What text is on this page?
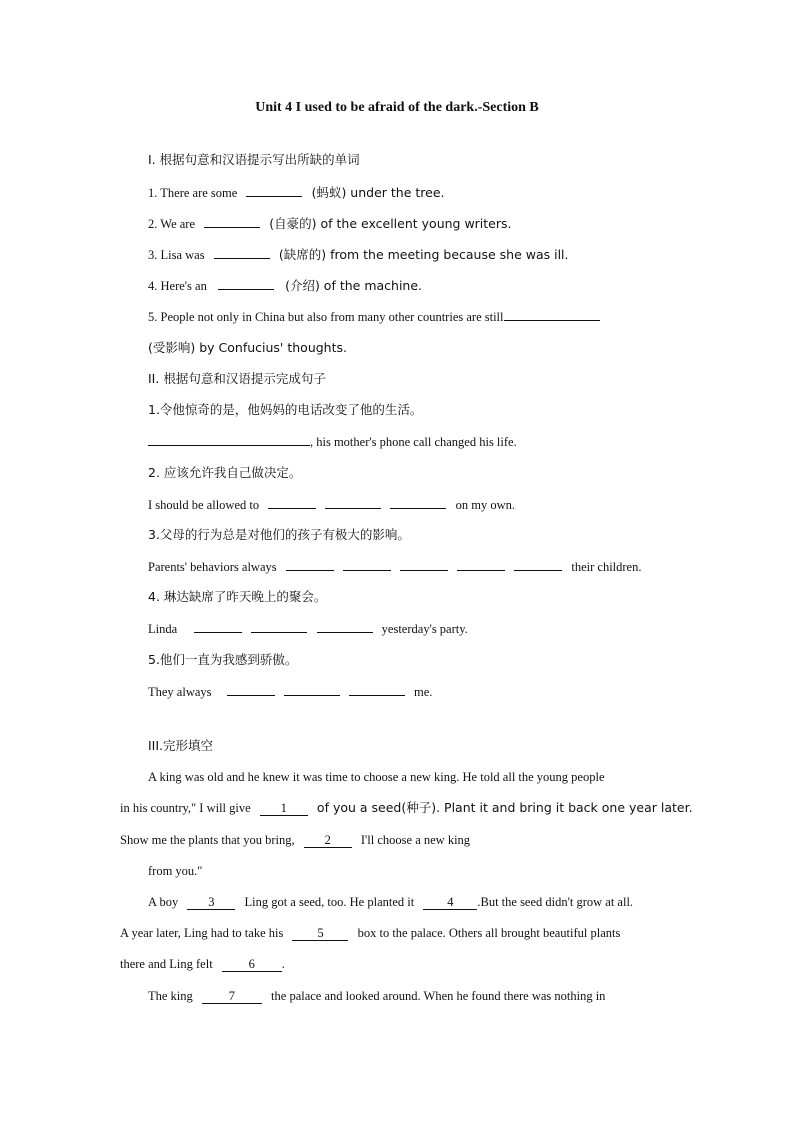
Unit 4 I used to be afraid of the dark.-Section B
I. 根据句意和汉语提示写出所缺的单词
1. There are some	(蚂蚁) under the tree.
2. We are	(自豪的) of the excellent young writers.
3. Lisa was	(缺席的) from the meeting because she was ill.
4. Here's an	(介绍) of the machine.
5. People not only in China but also from many other countries are still
(受影响) by Confucius' thoughts.
II. 根据句意和汉语提示完成句子
1.令他惊奇的是，他妈妈的电话改变了他的生活。
, his mother's phone call changed his life.
2. 应该允许我自己做决定。
I should be allowed to	on my own.
3.父母的行为总是对他们的孩子有极大的影响。
Parents' behaviors always	their children.
4. 琳达缺席了昨天晚上的聚会。
Linda	yesterday's party.
5.他们一直为我感到骄傲。
They always	me.
III.完形填空
A king was old and he knew it was time to choose a new king. He told all the young people
in his country," I will give 1 of you a seed(种子). Plant it and bring it back one year later.
Show me the plants that you bring, 2 I'll choose a new king
from you."
A boy 3 Ling got a seed, too. He planted it	4 .But the seed didn't grow at all.
A year later, Ling had to take his	5	box to the palace. Others all brought beautiful plants
there and Ling felt	6 .
The king	7	the palace and looked around. When he found there was nothing in
